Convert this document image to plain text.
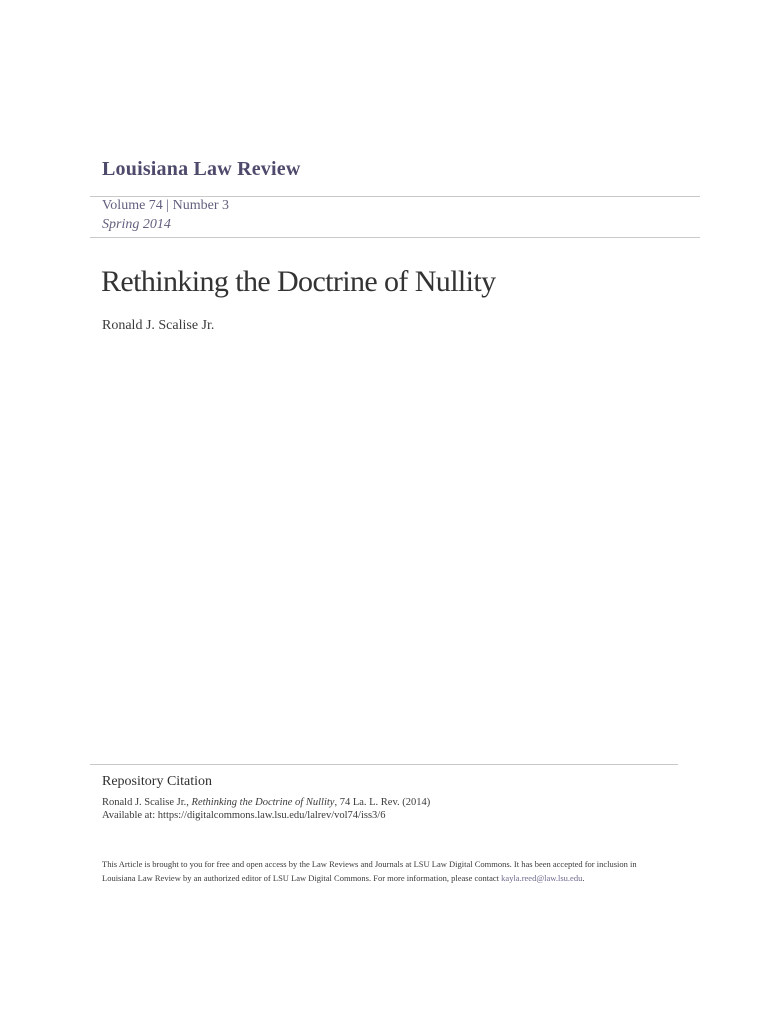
Louisiana Law Review
Volume 74 | Number 3
Spring 2014
Rethinking the Doctrine of Nullity
Ronald J. Scalise Jr.
Repository Citation
Ronald J. Scalise Jr., Rethinking the Doctrine of Nullity, 74 La. L. Rev. (2014)
Available at: https://digitalcommons.law.lsu.edu/lalrev/vol74/iss3/6
This Article is brought to you for free and open access by the Law Reviews and Journals at LSU Law Digital Commons. It has been accepted for inclusion in Louisiana Law Review by an authorized editor of LSU Law Digital Commons. For more information, please contact kayla.reed@law.lsu.edu.
